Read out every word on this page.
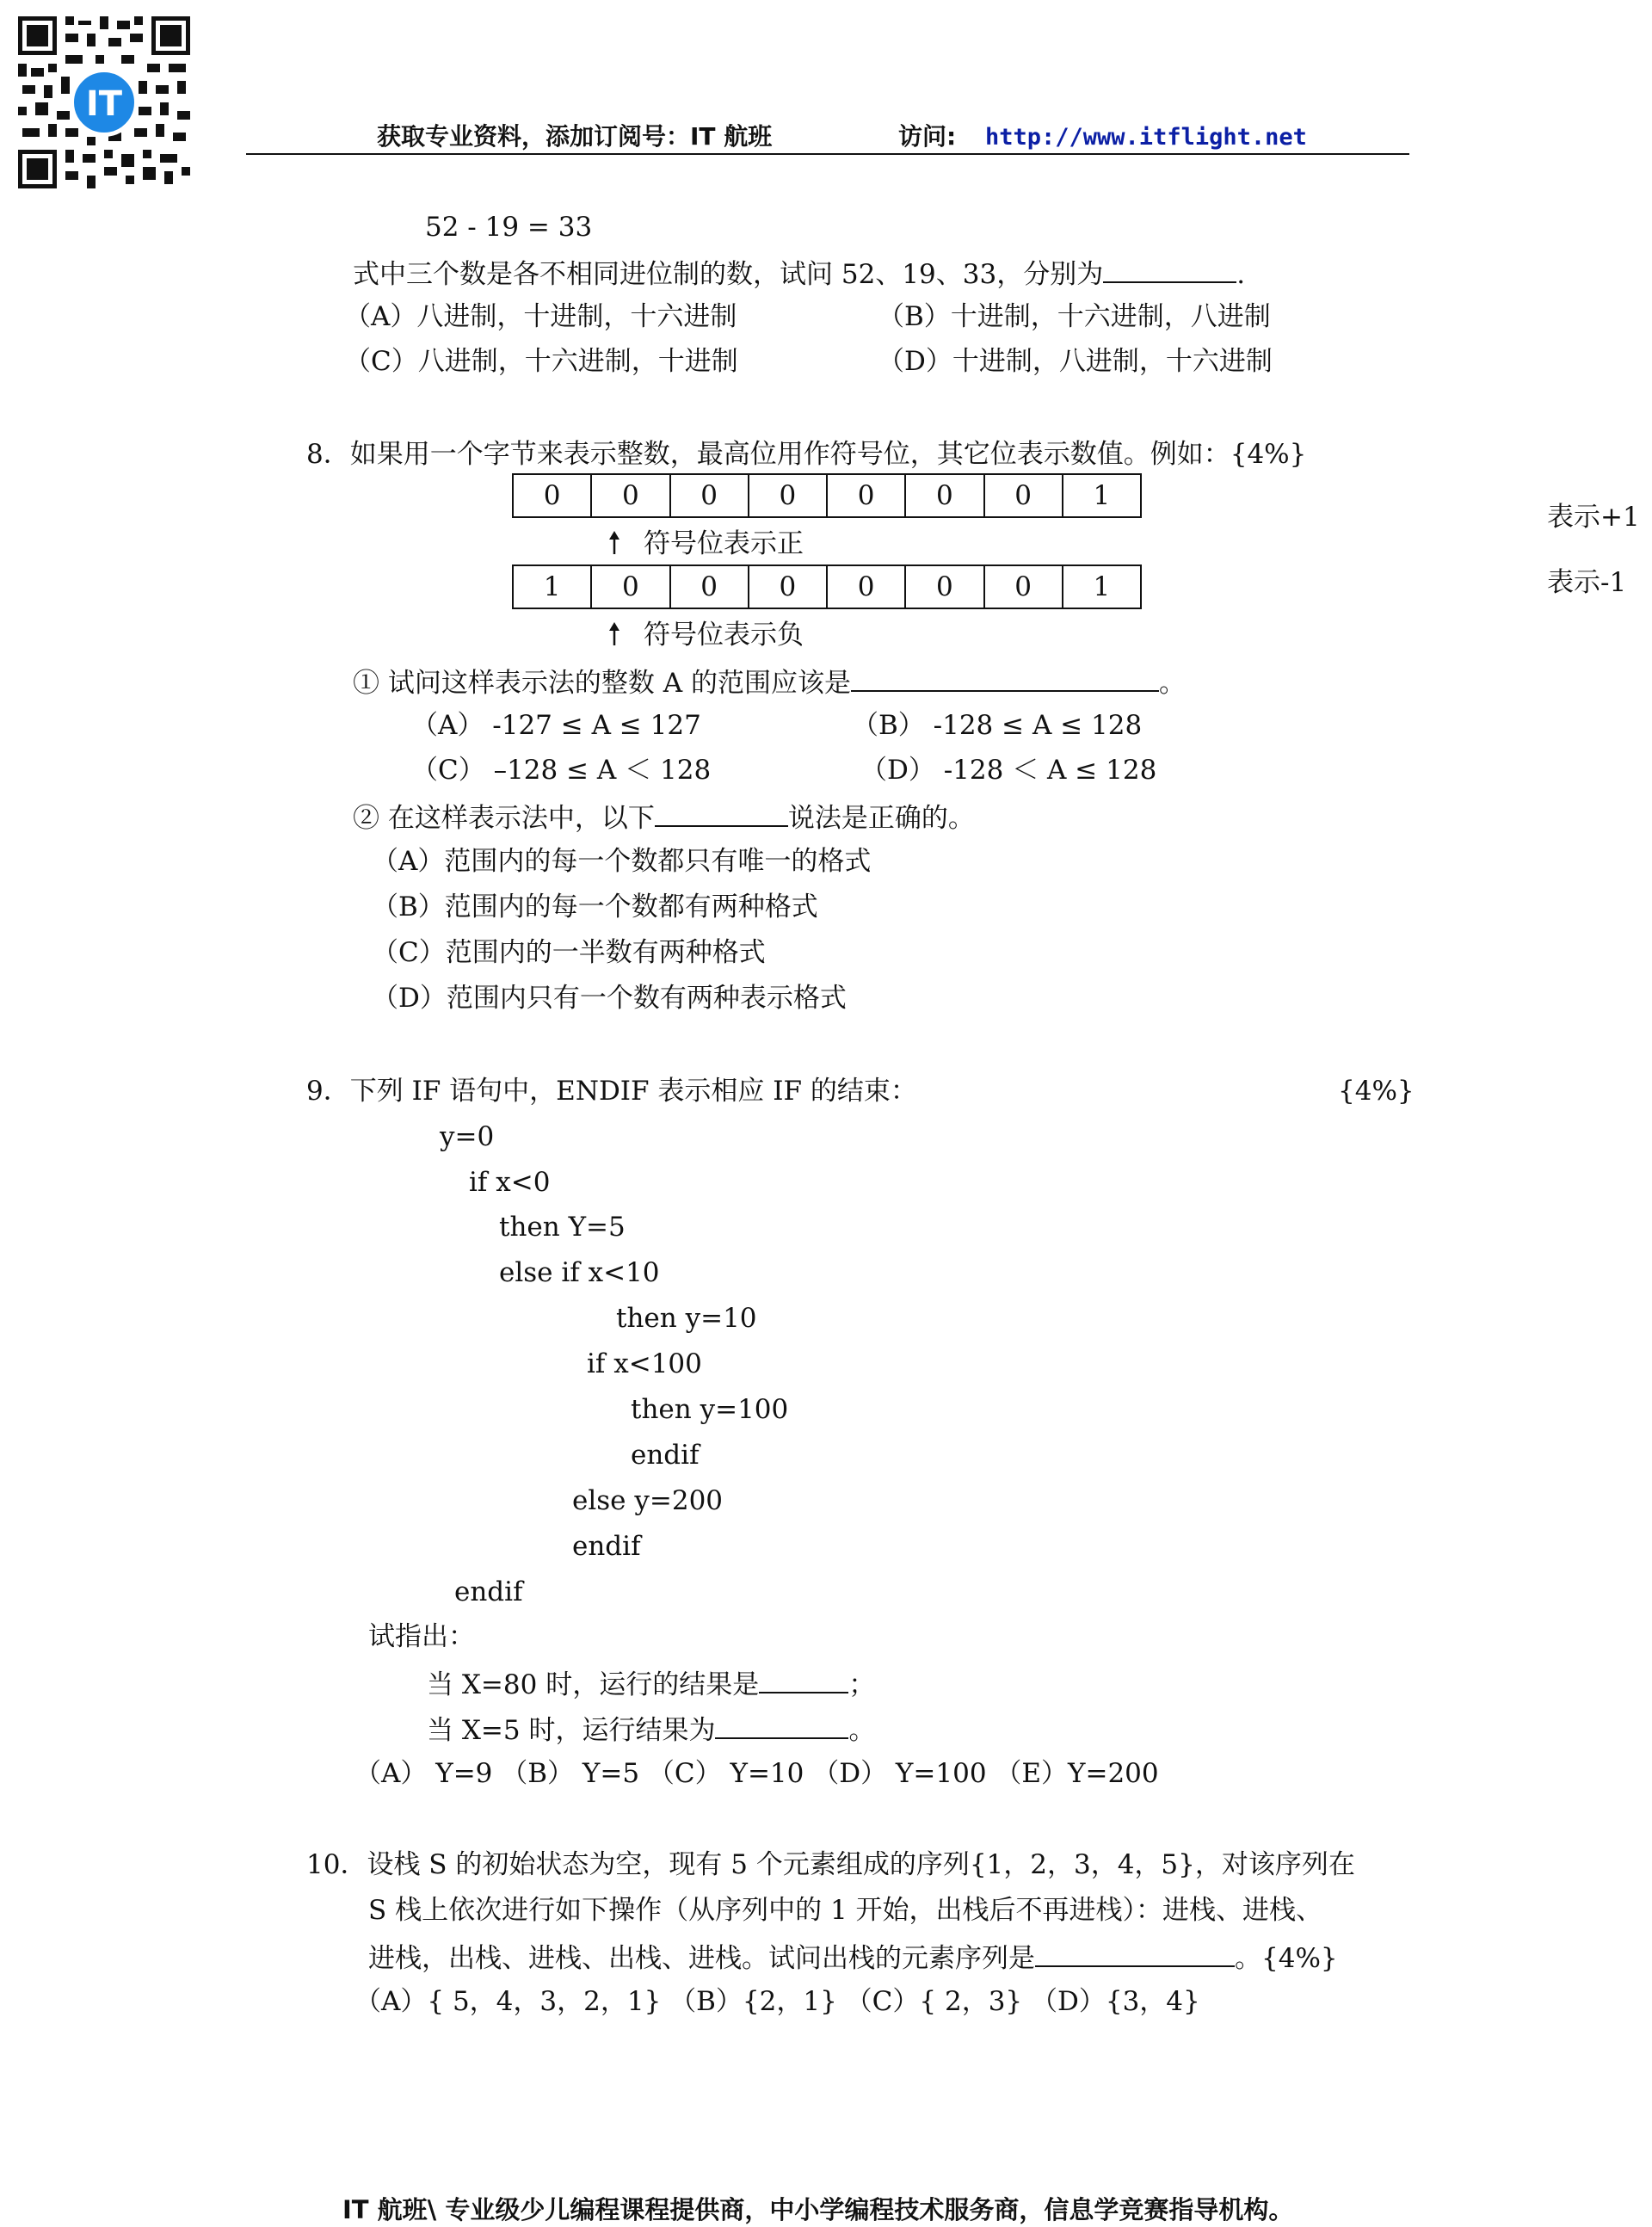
IT
获取专业资料，添加订阅号：IT 航班	访问: http://www.itflight.net
52 - 19 = 33
式中三个数是各不相同进位制的数，试问 52、19、33，分别为	.
（A）八进制，十进制，十六进制	（B）十进制，十六进制，八进制
（C）八进制，十六进制，十进制	（D）十进制，八进制，十六进制
8．如果用一个字节来表示整数，最高位用作符号位，其它位表示数值。例如：{4%}
0	0	0	0	0	0	0	1
表示+1
符号位表示正
1	0	0	0	0	0	0	1	表示-1
符号位表示负
① 试问这样表示法的整数 A 的范围应该是	。
（A） -127 ≤ A ≤ 127	（B） -128 ≤ A ≤ 128
（C） –128 ≤ A ＜ 128	（D） -128 ＜ A ≤ 128
② 在这样表示法中，以下	说法是正确的。
（A）范围内的每一个数都只有唯一的格式
（B）范围内的每一个数都有两种格式
（C）范围内的一半数有两种格式
（D）范围内只有一个数有两种表示格式
9．下列 IF 语句中，ENDIF 表示相应 IF 的结束：	{4%}
y=0
if x<0
then Y=5
else if x<10
then y=10
if x<100
then y=100
endif
else y=200
endif
endif
试指出：
当 X=80 时，运行的结果是	；
当 X=5 时，运行结果为	。
（A） Y=9 （B） Y=5 （C） Y=10 （D） Y=100 （E）Y=200
10．设栈 S 的初始状态为空，现有 5 个元素组成的序列{1，2，3，4，5}，对该序列在
S 栈上依次进行如下操作（从序列中的 1 开始，出栈后不再进栈）：进栈、进栈、
进栈，出栈、进栈、出栈、进栈。试问出栈的元素序列是	。{4%}
（A）{ 5，4，3，2，1} （B）{2，1} （C）{ 2，3} （D）{3，4}
IT 航班\ 专业级少儿编程课程提供商，中小学编程技术服务商，信息学竞赛指导机构。
